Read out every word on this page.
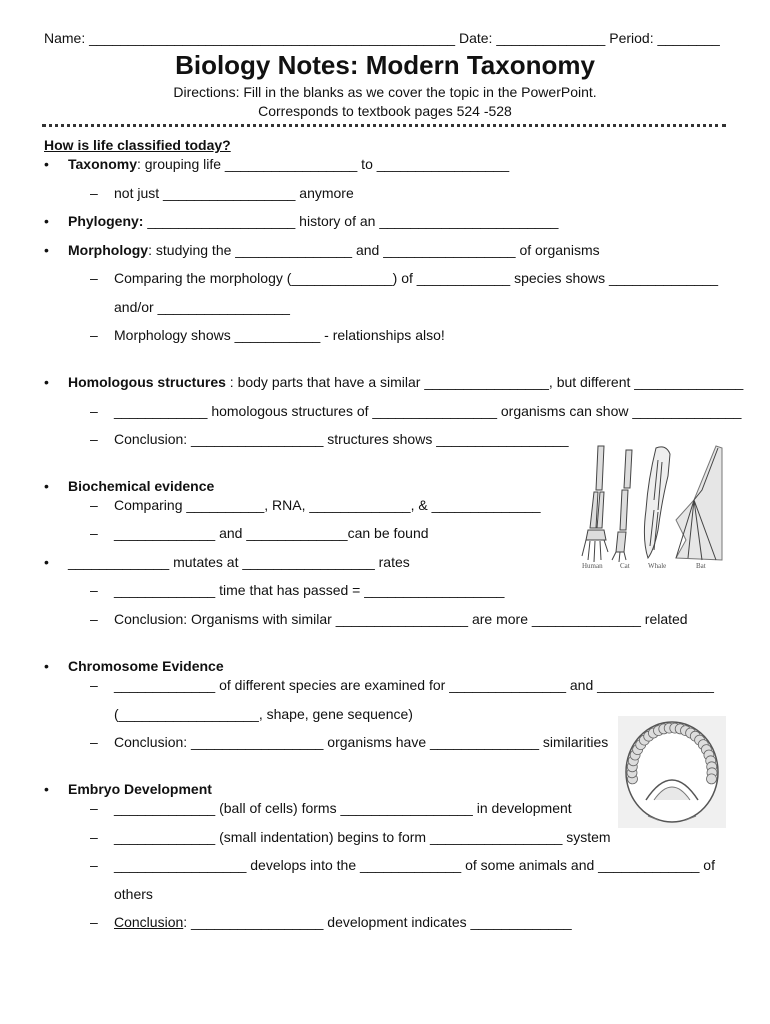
Name: _______________________________________________ Date: ______________ Period: ________
Biology Notes: Modern Taxonomy
Directions: Fill in the blanks as we cover the topic in the PowerPoint.
Corresponds to textbook pages 524 -528
How is life classified today?
• Taxonomy: grouping life _________________ to _________________
– not just _________________ anymore
• Phylogeny: ___________________ history of an _______________________
• Morphology: studying the _______________ and _________________ of organisms
– Comparing the morphology (_____________) of ____________ species shows ______________
and/or _________________
– Morphology shows ___________ - relationships also!
• Homologous structures : body parts that have a similar ________________, but different ______________
– ____________ homologous structures of ________________ organisms can show ______________
– Conclusion: _________________ structures shows _________________
• Biochemical evidence
– Comparing __________, RNA, _____________, & ______________
– _____________ and _____________can be found
• _____________ mutates at _________________ rates
– _____________ time that has passed = __________________
– Conclusion: Organisms with similar _________________ are more ______________ related
• Chromosome Evidence
– _____________ of different species are examined for _______________ and _______________
(__________________, shape, gene sequence)
– Conclusion: _________________ organisms have ______________ similarities
• Embryo Development
– _____________ (ball of cells) forms _________________ in development
– _____________ (small indentation) begins to form _________________ system
– _________________ develops into the _____________ of some animals and _____________ of
others
– Conclusion: _________________ development indicates _____________
Human Cat	Whale	Bat
